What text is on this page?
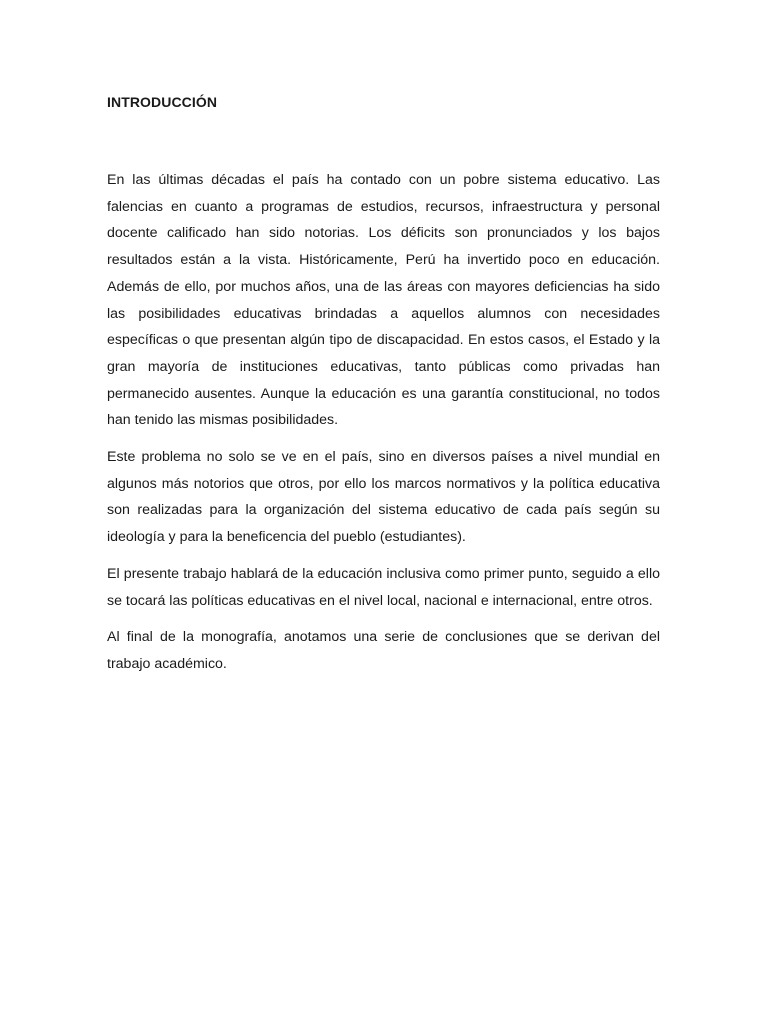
INTRODUCCIÓN

En las últimas décadas el país ha contado con un pobre sistema educativo. Las falencias en cuanto a programas de estudios, recursos, infraestructura y personal docente calificado han sido notorias. Los déficits son pronunciados y los bajos resultados están a la vista. Históricamente, Perú ha invertido poco en educación. Además de ello, por muchos años, una de las áreas con mayores deficiencias ha sido las posibilidades educativas brindadas a aquellos alumnos con necesidades específicas o que presentan algún tipo de discapacidad. En estos casos, el Estado y la gran mayoría de instituciones educativas, tanto públicas como privadas han permanecido ausentes. Aunque la educación es una garantía constitucional, no todos han tenido las mismas posibilidades.

Este problema no solo se ve en el país, sino en diversos países a nivel mundial en algunos más notorios que otros, por ello los marcos normativos y la política educativa son realizadas para la organización del sistema educativo de cada país según su ideología y para la beneficencia del pueblo (estudiantes).

El presente trabajo hablará de la educación inclusiva como primer punto, seguido a ello se tocará las políticas educativas en el nivel local, nacional e internacional, entre otros.

Al final de la monografía, anotamos una serie de conclusiones que se derivan del trabajo académico.
